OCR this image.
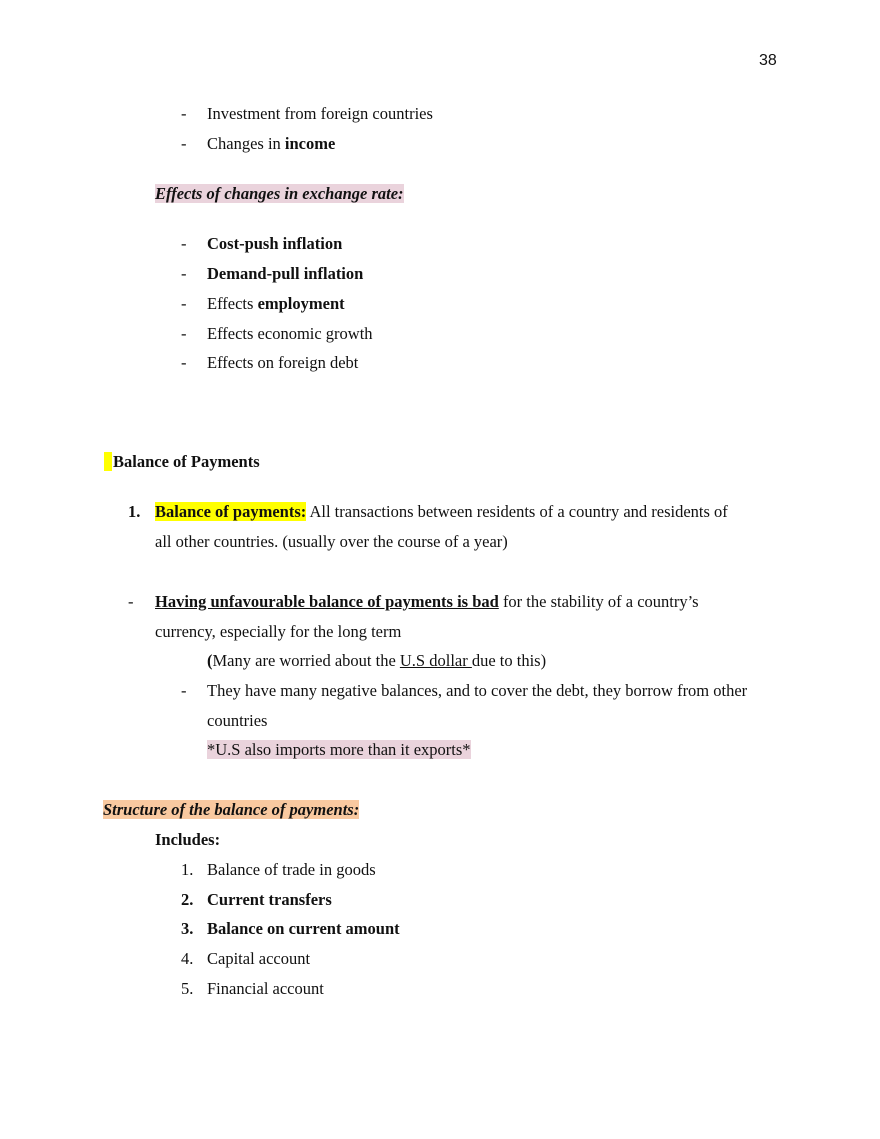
38
- Investment from foreign countries
- Changes in income
Effects of changes in exchange rate:
- Cost-push inflation
- Demand-pull inflation
- Effects employment
- Effects economic growth
- Effects on foreign debt
Balance of Payments
1. Balance of payments: All transactions between residents of a country and residents of
all other countries. (usually over the course of a year)
- Having unfavourable balance of payments is bad for the stability of a country’s
currency, especially for the long term
(Many are worried about the U.S dollar due to this)
- They have many negative balances, and to cover the debt, they borrow from other
countries
*U.S also imports more than it exports*
Structure of the balance of payments:
Includes:
1. Balance of trade in goods
2. Current transfers
3. Balance on current amount
4. Capital account
5. Financial account
